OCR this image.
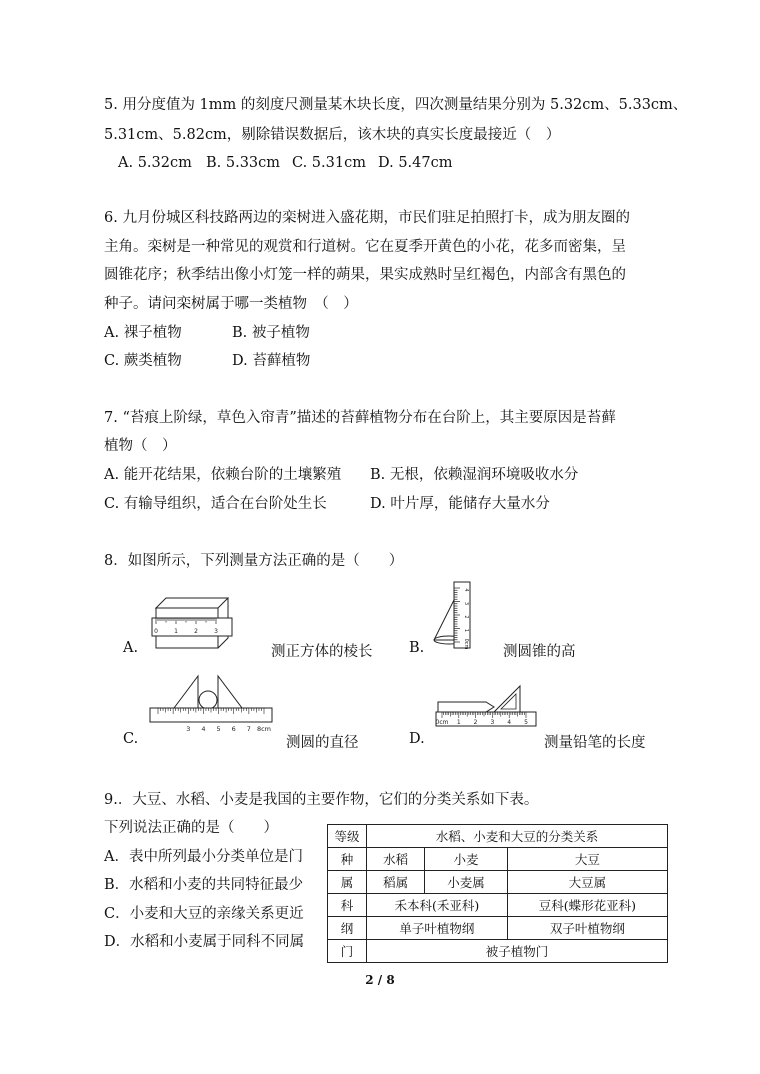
5. 用分度值为 1mm 的刻度尺测量某木块长度，四次测量结果分别为 5.32cm、5.33cm、
5.31cm、5.82cm，剔除错误数据后，该木块的真实长度最接近（　）
A. 5.32cm B. 5.33cm C. 5.31cm D. 5.47cm
6. 九月份城区科技路两边的栾树进入盛花期，市民们驻足拍照打卡，成为朋友圈的
主角。栾树是一种常见的观赏和行道树。它在夏季开黄色的小花，花多而密集，呈
圆锥花序；秋季结出像小灯笼一样的蒴果，果实成熟时呈红褐色，内部含有黑色的
种子。请问栾树属于哪一类植物　（　）
A. 裸子植物	B. 被子植物
C. 蕨类植物	D. 苔藓植物
7. “苔痕上阶绿，草色入帘青”描述的苔藓植物分布在台阶上，其主要原因是苔藓
植物（　）
A. 能开花结果，依赖台阶的土壤繁殖 B. 无根，依赖湿润环境吸收水分
C. 有输导组织，适合在台阶处生长	D. 叶片厚，能储存大量水分
8．如图所示，下列测量方法正确的是（　　）
A.
0	1	2	3
测正方体的棱长	B.
4
3
2
1
0cm 测圆锥的高
C.
3 4 5 6 7 8cm
测圆的直径	D.
0cm 1 2 3 4 5
测量铅笔的长度
9.．大豆、水稻、小麦是我国的主要作物，它们的分类关系如下表。
下列说法正确的是（　　）
A．表中所列最小分类单位是门
B．水稻和小麦的共同特征最少
C．小麦和大豆的亲缘关系更近
D．水稻和小麦属于同科不同属
等级	水稻、小麦和大豆的分类关系		
种	水稻	小麦	大豆
属	稻属	小麦属	大豆属
科	禾本科(禾亚科)		豆科(蝶形花亚科)
纲	单子叶植物纲		双子叶植物纲
门	被子植物门		
2 / 8
